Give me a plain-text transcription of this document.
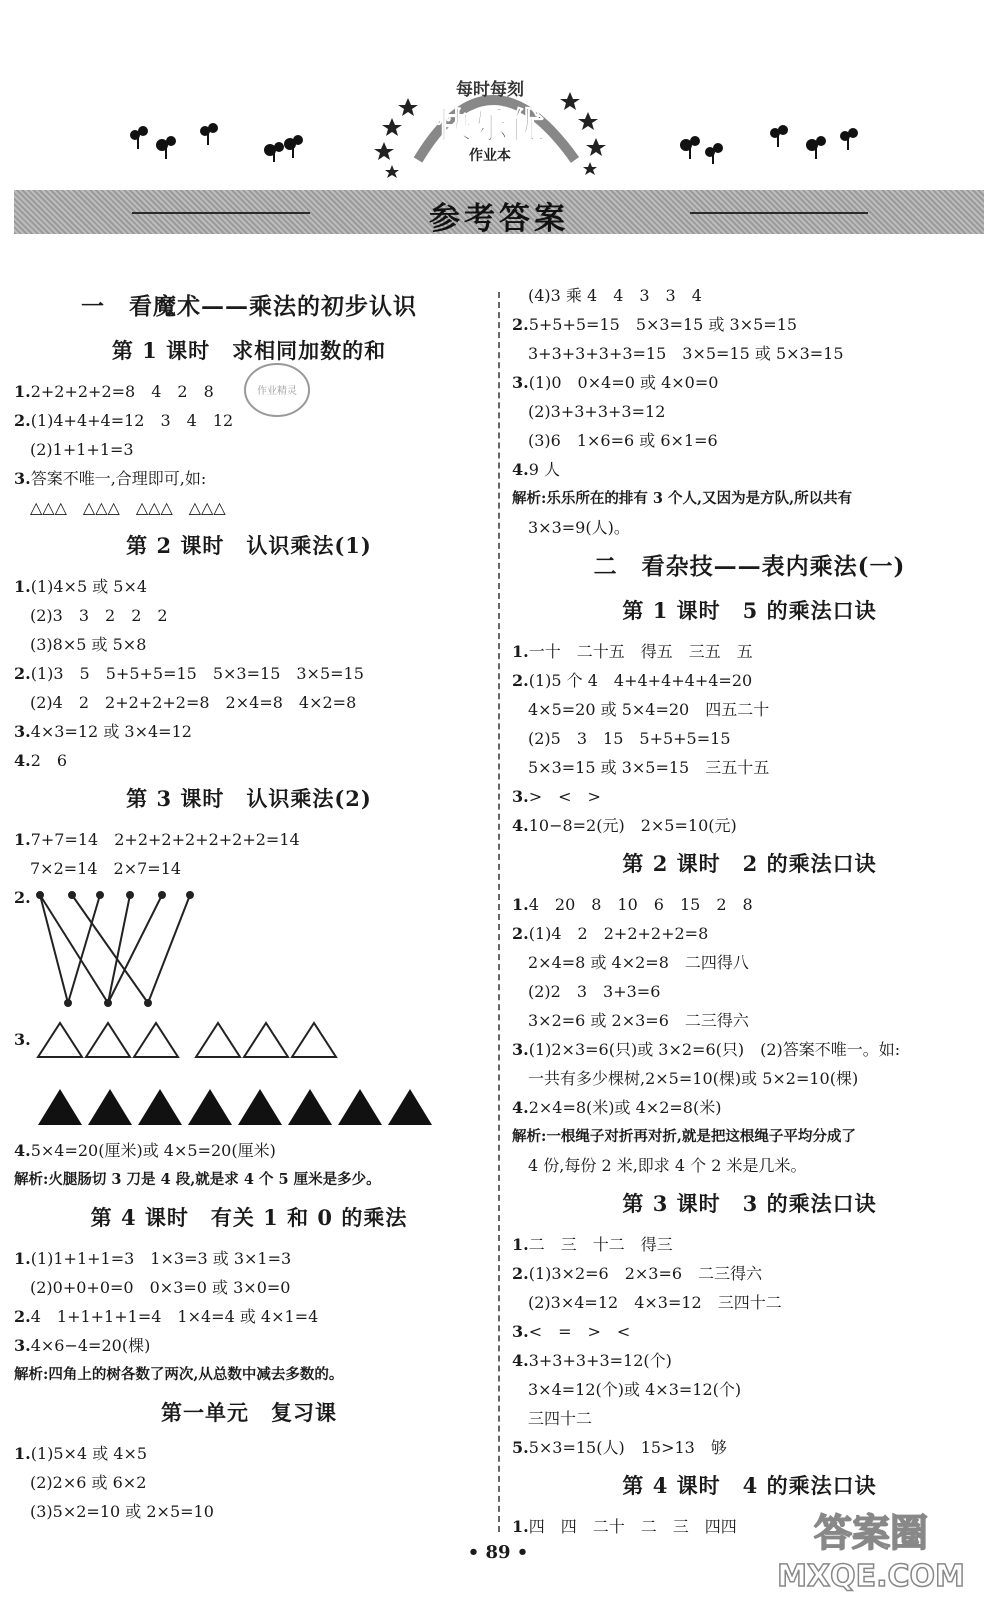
每时每刻
快乐优
作业本
参考答案
一　看魔术——乘法的初步认识
第 1 课时　求相同加数的和
1.2+2+2+2=8　4　2　8
2.(1)4+4+4=12　3　4　12
(2)1+1+1=3
3.答案不唯一,合理即可,如:
△△△　△△△　△△△　△△△
第 2 课时　认识乘法(1)
1.(1)4×5 或 5×4
(2)3　3　2　2　2
(3)8×5 或 5×8
2.(1)3　5　5+5+5=15　5×3=15　3×5=15
(2)4　2　2+2+2+2=8　2×4=8　4×2=8
3.4×3=12 或 3×4=12
4.2　6
第 3 课时　认识乘法(2)
1.7+7=14　2+2+2+2+2+2+2=14
7×2=14　2×7=14
2.
3.
4.5×4=20(厘米)或 4×5=20(厘米)
解析:火腿肠切 3 刀是 4 段,就是求 4 个 5 厘米是多少。
第 4 课时　有关 1 和 0 的乘法
1.(1)1+1+1=3　1×3=3 或 3×1=3
(2)0+0+0=0　0×3=0 或 3×0=0
2.4　1+1+1+1=4　1×4=4 或 4×1=4
3.4×6−4=20(棵)
解析:四角上的树各数了两次,从总数中减去多数的。
第一单元　复习课
1.(1)5×4 或 4×5
(2)2×6 或 6×2
(3)5×2=10 或 2×5=10
(4)3 乘 4　4　3　3　4
2.5+5+5=15　5×3=15 或 3×5=15
3+3+3+3+3=15　3×5=15 或 5×3=15
3.(1)0　0×4=0 或 4×0=0
(2)3+3+3+3=12
(3)6　1×6=6 或 6×1=6
4.9 人
解析:乐乐所在的排有 3 个人,又因为是方队,所以共有
3×3=9(人)。
二　看杂技——表内乘法(一)
第 1 课时　5 的乘法口诀
1.一十　二十五　得五　三五　五
2.(1)5 个 4　4+4+4+4+4=20
4×5=20 或 5×4=20　四五二十
(2)5　3　15　5+5+5=15
5×3=15 或 3×5=15　三五十五
3.>　<　>
4.10−8=2(元)　2×5=10(元)
第 2 课时　2 的乘法口诀
1.4　20　8　10　6　15　2　8
2.(1)4　2　2+2+2+2=8
2×4=8 或 4×2=8　二四得八
(2)2　3　3+3=6
3×2=6 或 2×3=6　二三得六
3.(1)2×3=6(只)或 3×2=6(只)　(2)答案不唯一。如:
一共有多少棵树,2×5=10(棵)或 5×2=10(棵)
4.2×4=8(米)或 4×2=8(米)
解析:一根绳子对折再对折,就是把这根绳子平均分成了
4 份,每份 2 米,即求 4 个 2 米是几米。
第 3 课时　3 的乘法口诀
1.二　三　十二　得三
2.(1)3×2=6　2×3=6　二三得六
(2)3×4=12　4×3=12　三四十二
3.<　=　>　<
4.3+3+3+3=12(个)
3×4=12(个)或 4×3=12(个)
三四十二
5.5×3=15(人)　15>13　够
第 4 课时　4 的乘法口诀
1.四　四　二十　二　三　四四
作业精灵
答案圈
MXQE.COM
• 89 •
